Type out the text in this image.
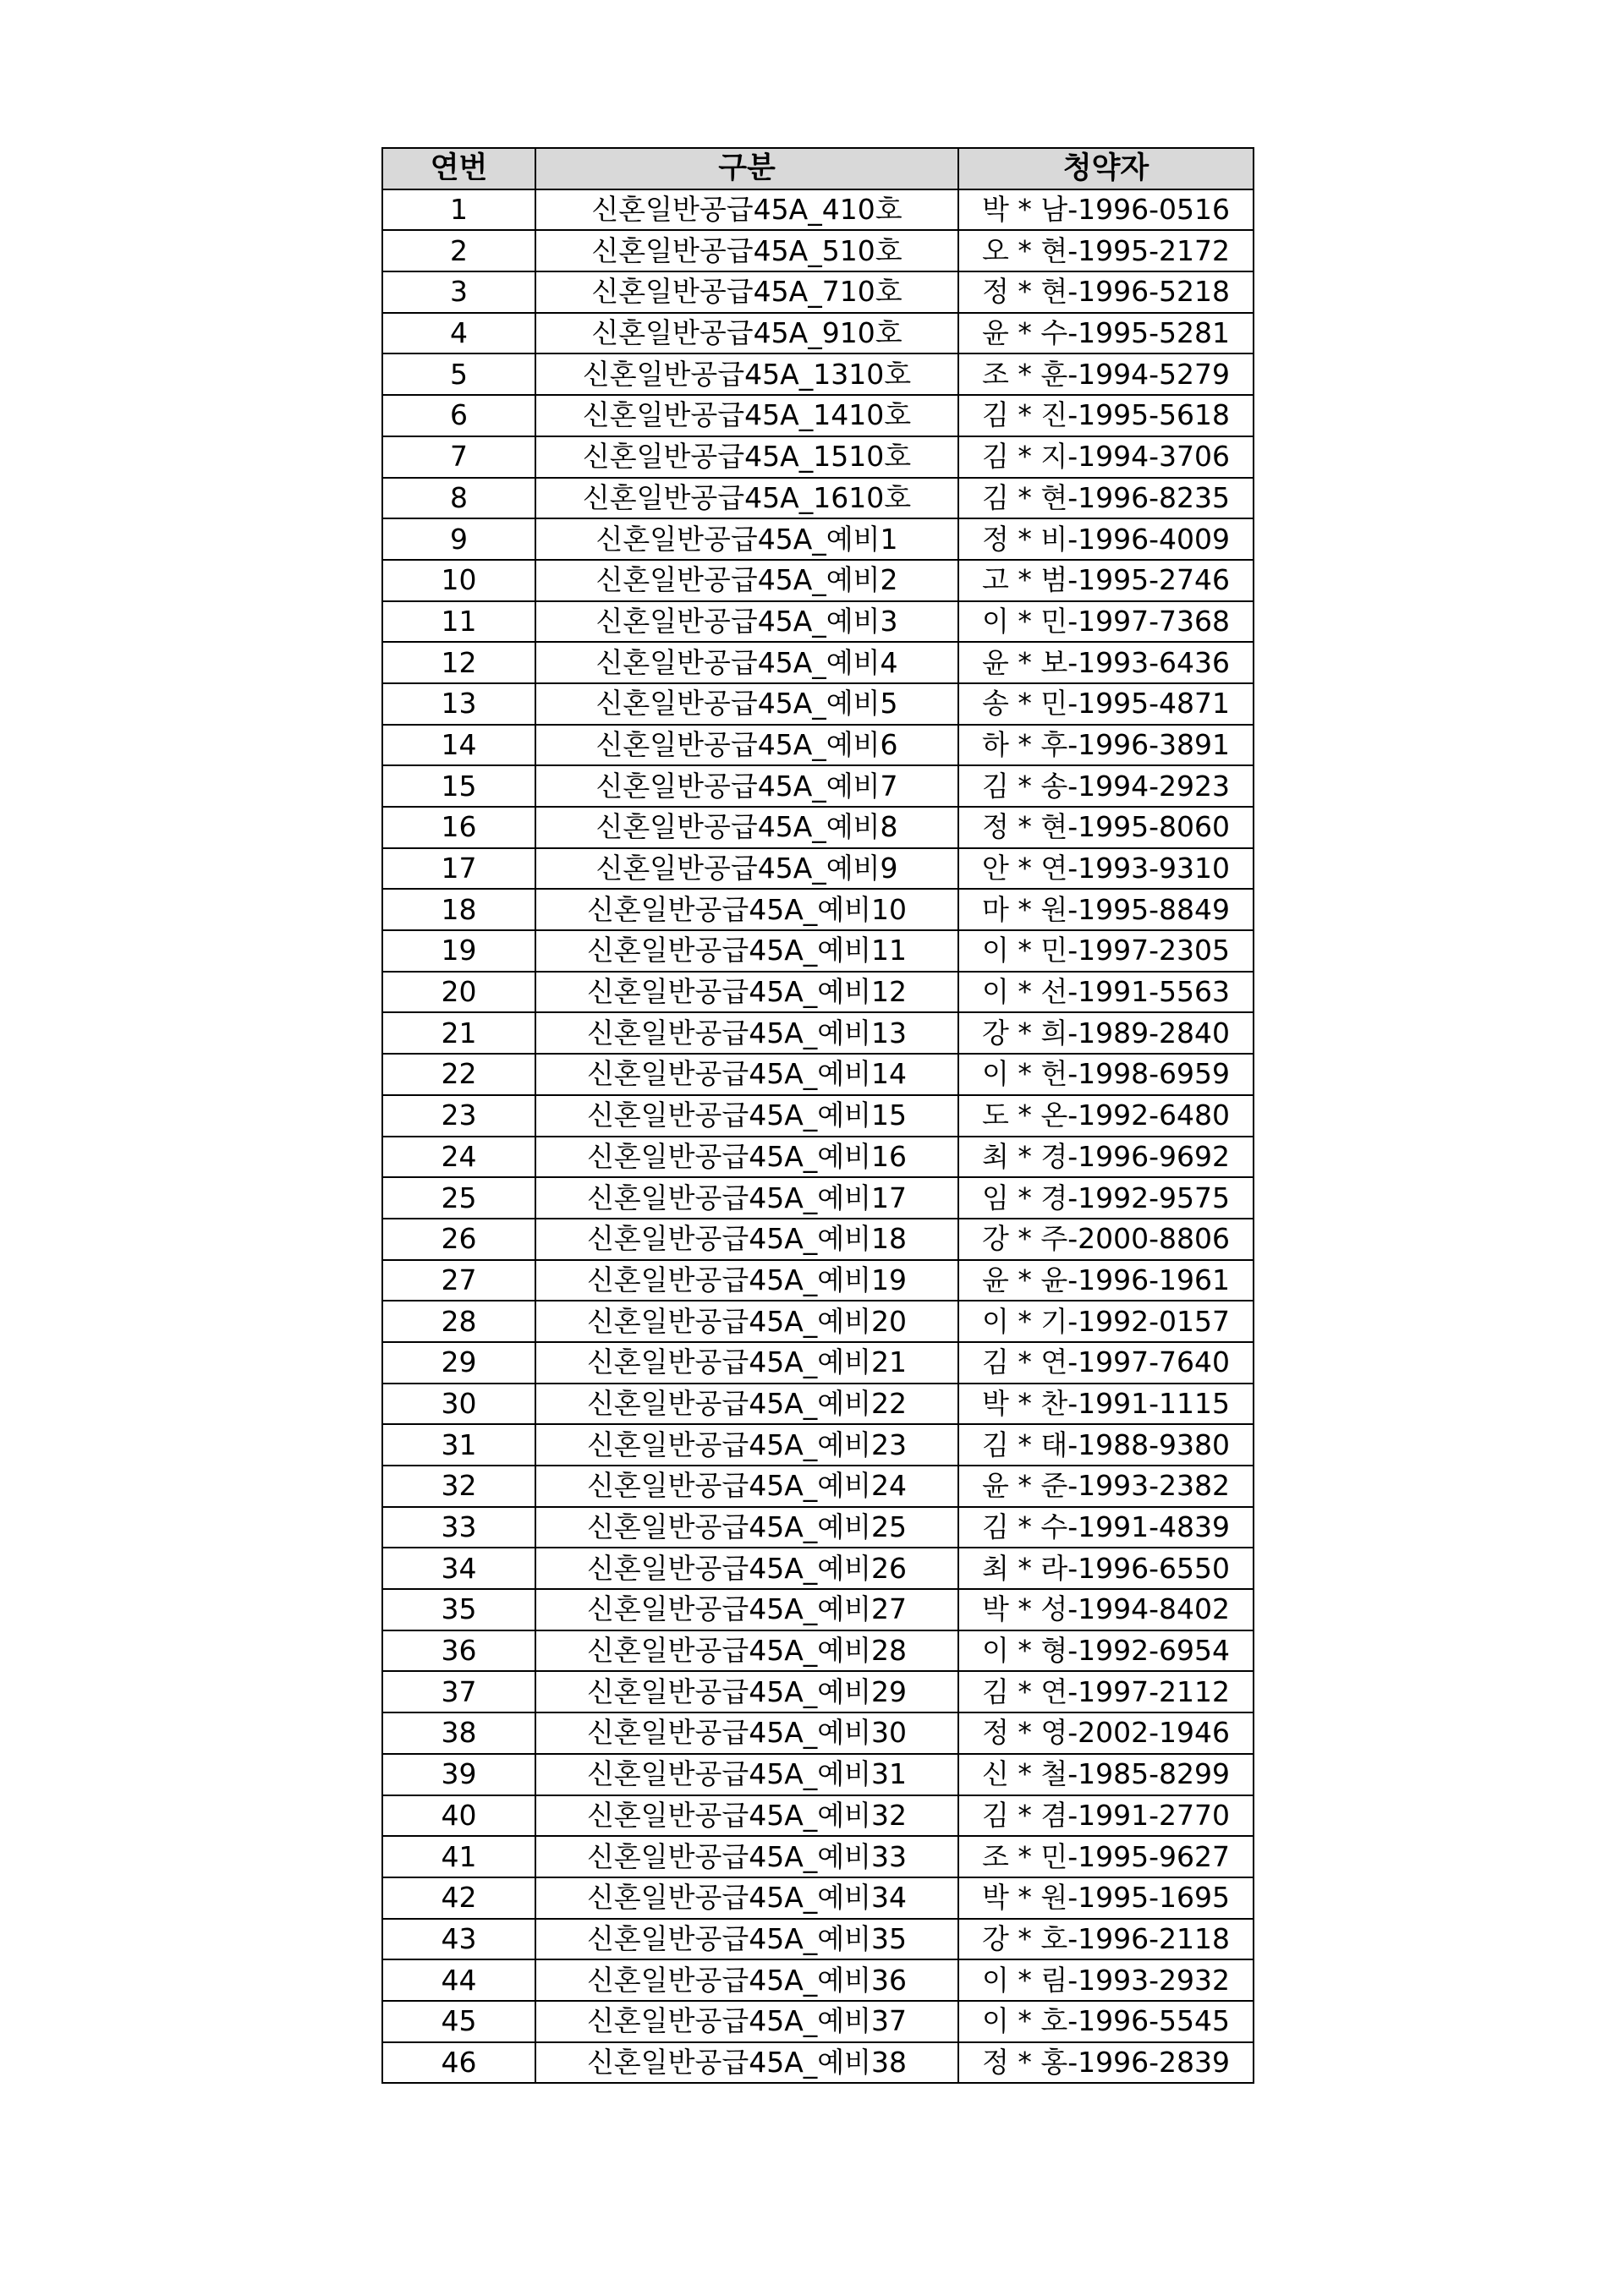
연번	구분	청약자
1	신혼일반공급45A_410호	박 * 남-1996-0516
2	신혼일반공급45A_510호	오 * 현-1995-2172
3	신혼일반공급45A_710호	정 * 현-1996-5218
4	신혼일반공급45A_910호	윤 * 수-1995-5281
5	신혼일반공급45A_1310호	조 * 훈-1994-5279
6	신혼일반공급45A_1410호	김 * 진-1995-5618
7	신혼일반공급45A_1510호	김 * 지-1994-3706
8	신혼일반공급45A_1610호	김 * 현-1996-8235
9	신혼일반공급45A_예비1	정 * 비-1996-4009
10	신혼일반공급45A_예비2	고 * 범-1995-2746
11	신혼일반공급45A_예비3	이 * 민-1997-7368
12	신혼일반공급45A_예비4	윤 * 보-1993-6436
13	신혼일반공급45A_예비5	송 * 민-1995-4871
14	신혼일반공급45A_예비6	하 * 후-1996-3891
15	신혼일반공급45A_예비7	김 * 송-1994-2923
16	신혼일반공급45A_예비8	정 * 현-1995-8060
17	신혼일반공급45A_예비9	안 * 연-1993-9310
18	신혼일반공급45A_예비10	마 * 원-1995-8849
19	신혼일반공급45A_예비11	이 * 민-1997-2305
20	신혼일반공급45A_예비12	이 * 선-1991-5563
21	신혼일반공급45A_예비13	강 * 희-1989-2840
22	신혼일반공급45A_예비14	이 * 헌-1998-6959
23	신혼일반공급45A_예비15	도 * 온-1992-6480
24	신혼일반공급45A_예비16	최 * 경-1996-9692
25	신혼일반공급45A_예비17	임 * 경-1992-9575
26	신혼일반공급45A_예비18	강 * 주-2000-8806
27	신혼일반공급45A_예비19	윤 * 윤-1996-1961
28	신혼일반공급45A_예비20	이 * 기-1992-0157
29	신혼일반공급45A_예비21	김 * 연-1997-7640
30	신혼일반공급45A_예비22	박 * 찬-1991-1115
31	신혼일반공급45A_예비23	김 * 태-1988-9380
32	신혼일반공급45A_예비24	윤 * 준-1993-2382
33	신혼일반공급45A_예비25	김 * 수-1991-4839
34	신혼일반공급45A_예비26	최 * 라-1996-6550
35	신혼일반공급45A_예비27	박 * 성-1994-8402
36	신혼일반공급45A_예비28	이 * 형-1992-6954
37	신혼일반공급45A_예비29	김 * 연-1997-2112
38	신혼일반공급45A_예비30	정 * 영-2002-1946
39	신혼일반공급45A_예비31	신 * 철-1985-8299
40	신혼일반공급45A_예비32	김 * 겸-1991-2770
41	신혼일반공급45A_예비33	조 * 민-1995-9627
42	신혼일반공급45A_예비34	박 * 원-1995-1695
43	신혼일반공급45A_예비35	강 * 호-1996-2118
44	신혼일반공급45A_예비36	이 * 림-1993-2932
45	신혼일반공급45A_예비37	이 * 호-1996-5545
46	신혼일반공급45A_예비38	정 * 홍-1996-2839
